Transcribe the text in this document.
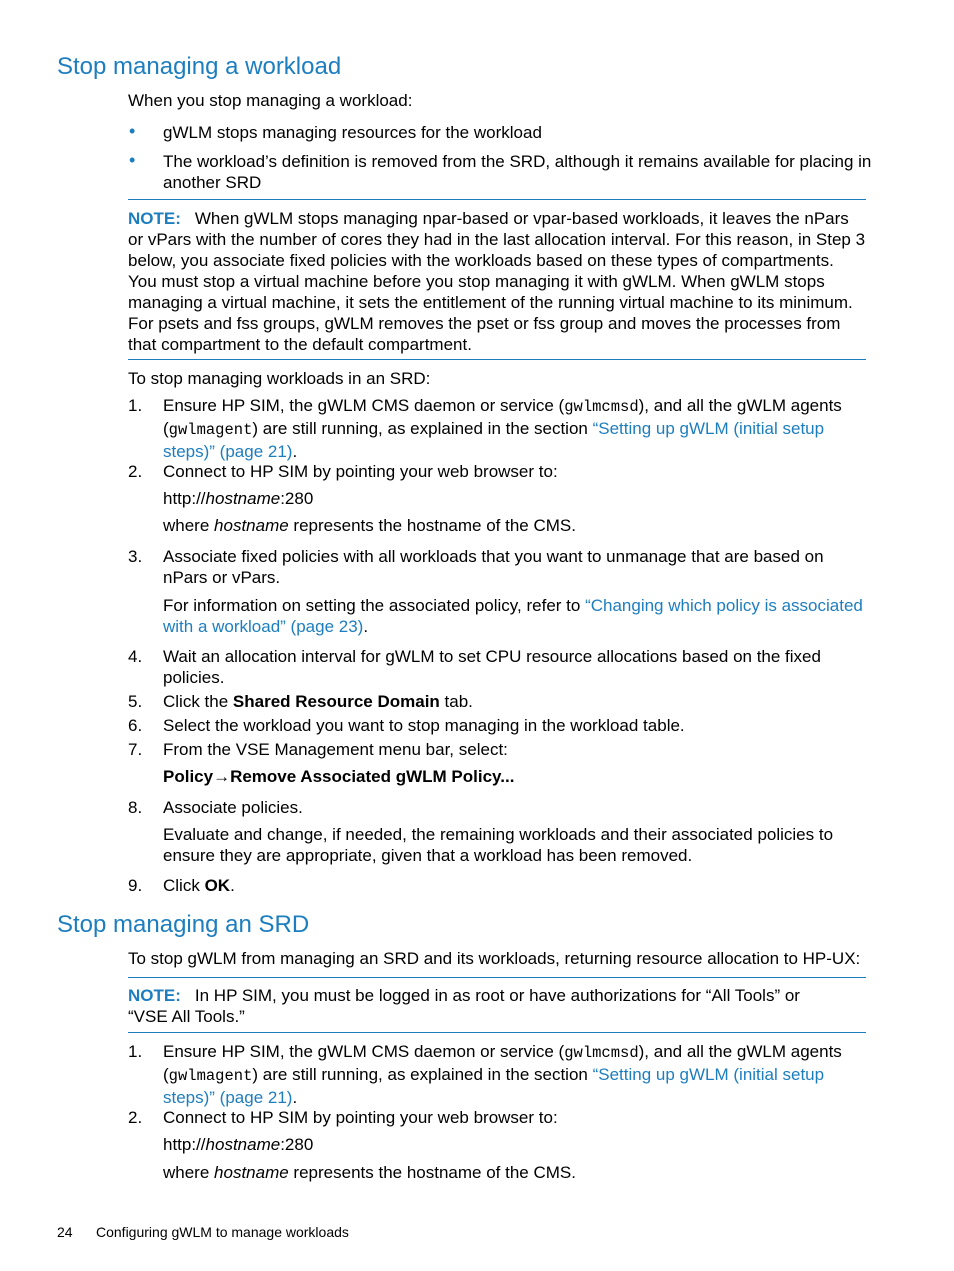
Stop managing a workload
When you stop managing a workload:
• gWLM stops managing resources for the workload
• The workload’s definition is removed from the SRD, although it remains available for placing in another SRD
NOTE: When gWLM stops managing npar-based or vpar-based workloads, it leaves the nPars or vPars with the number of cores they had in the last allocation interval. For this reason, in Step 3 below, you associate fixed policies with the workloads based on these types of compartments. You must stop a virtual machine before you stop managing it with gWLM. When gWLM stops managing a virtual machine, it sets the entitlement of the running virtual machine to its minimum. For psets and fss groups, gWLM removes the pset or fss group and moves the processes from that compartment to the default compartment.
To stop managing workloads in an SRD:
1. Ensure HP SIM, the gWLM CMS daemon or service (gwlmcmsd), and all the gWLM agents (gwlmagent) are still running, as explained in the section “Setting up gWLM (initial setup steps)” (page 21).
2. Connect to HP SIM by pointing your web browser to:
http://hostname:280
where hostname represents the hostname of the CMS.
3. Associate fixed policies with all workloads that you want to unmanage that are based on nPars or vPars.
For information on setting the associated policy, refer to “Changing which policy is associated with a workload” (page 23).
4. Wait an allocation interval for gWLM to set CPU resource allocations based on the fixed policies.
5. Click the Shared Resource Domain tab.
6. Select the workload you want to stop managing in the workload table.
7. From the VSE Management menu bar, select:
Policy→Remove Associated gWLM Policy...
8. Associate policies.
Evaluate and change, if needed, the remaining workloads and their associated policies to ensure they are appropriate, given that a workload has been removed.
9. Click OK.
Stop managing an SRD
To stop gWLM from managing an SRD and its workloads, returning resource allocation to HP-UX:
NOTE: In HP SIM, you must be logged in as root or have authorizations for “All Tools” or “VSE All Tools.”
1. Ensure HP SIM, the gWLM CMS daemon or service (gwlmcmsd), and all the gWLM agents (gwlmagent) are still running, as explained in the section “Setting up gWLM (initial setup steps)” (page 21).
2. Connect to HP SIM by pointing your web browser to:
http://hostname:280
where hostname represents the hostname of the CMS.
24 Configuring gWLM to manage workloads
